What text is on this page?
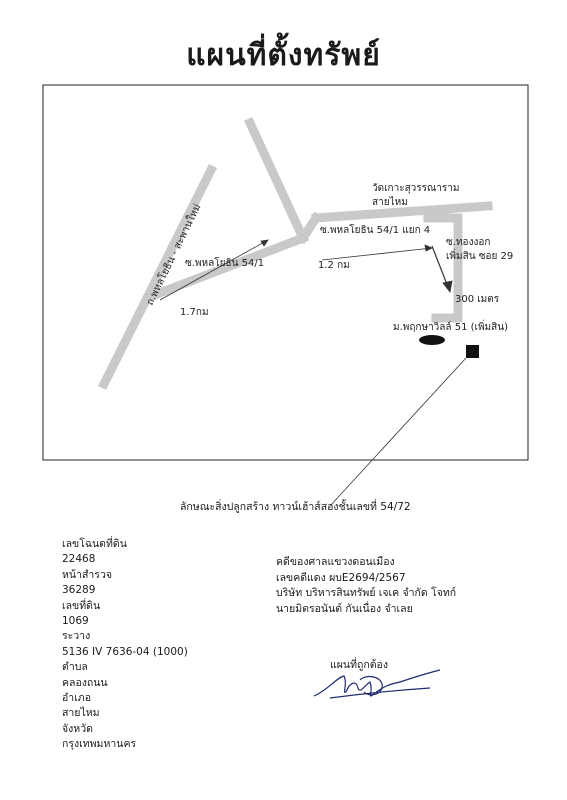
แผนที่ตั้งทรัพย์
ถ.พหลโยธิน - สะพานใหม่
ซ.พหลโยธิน 54/1
ซ.พหลโยธิน 54/1 แยก 4
วัดเกาะสุวรรณาราม
สายไหม
ซ.ทองงอก
เพิ่มสิน ซอย 29
1.7กม
1.2 กม
300 เมตร
ม.พฤกษาวิลล์ 51 (เพิ่มสิน)
ลักษณะสิ่งปลูกสร้าง ทาวน์เฮ้าส์สองชั้นเลขที่ 54/72
เลขโฉนดที่ดิน
22468
หน้าสำรวจ
36289
เลขที่ดิน
1069
ระวาง
5136 IV 7636-04 (1000)
ตำบล
คลองถนน
อำเภอ
สายไหม
จังหวัด
กรุงเทพมหานคร
คดีของศาลแขวงดอนเมือง
เลขคดีแดง ผบE2694/2567
บริษัท บริหารสินทรัพย์ เจเค จำกัด โจทก์
นายมิตรอนันต์ กันเนื่อง จำเลย
แผนที่ถูกต้อง
